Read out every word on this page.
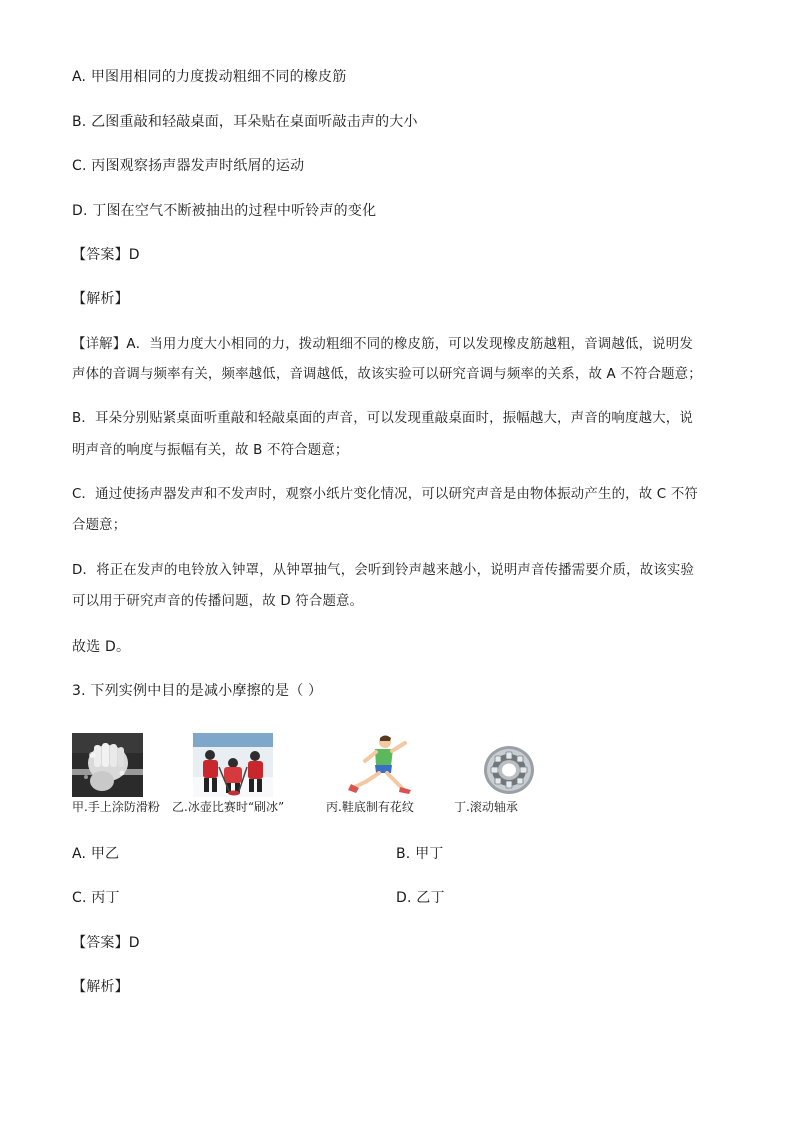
A. 甲图用相同的力度拨动粗细不同的橡皮筋
B. 乙图重敲和轻敲桌面，耳朵贴在桌面听敲击声的大小
C. 丙图观察扬声器发声时纸屑的运动
D. 丁图在空气不断被抽出的过程中听铃声的变化
【答案】D
【解析】
【详解】A．当用力度大小相同的力，拨动粗细不同的橡皮筋，可以发现橡皮筋越粗，音调越低，说明发
声体的音调与频率有关，频率越低，音调越低，故该实验可以研究音调与频率的关系，故 A 不符合题意；
B．耳朵分别贴紧桌面听重敲和轻敲桌面的声音，可以发现重敲桌面时，振幅越大，声音的响度越大，说
明声音的响度与振幅有关，故 B 不符合题意；
C．通过使扬声器发声和不发声时，观察小纸片变化情况，可以研究声音是由物体振动产生的，故 C 不符
合题意；
D．将正在发声的电铃放入钟罩，从钟罩抽气，会听到铃声越来越小，说明声音传播需要介质，故该实验
可以用于研究声音的传播问题，故 D 符合题意。
故选 D。
3. 下列实例中目的是减小摩擦的是（ ）
甲.手上涂防滑粉 乙.冰壶比赛时“刷冰”	丙.鞋底制有花纹	丁.滚动轴承
A. 甲乙	B. 甲丁
C. 丙丁	D. 乙丁
【答案】D
【解析】
